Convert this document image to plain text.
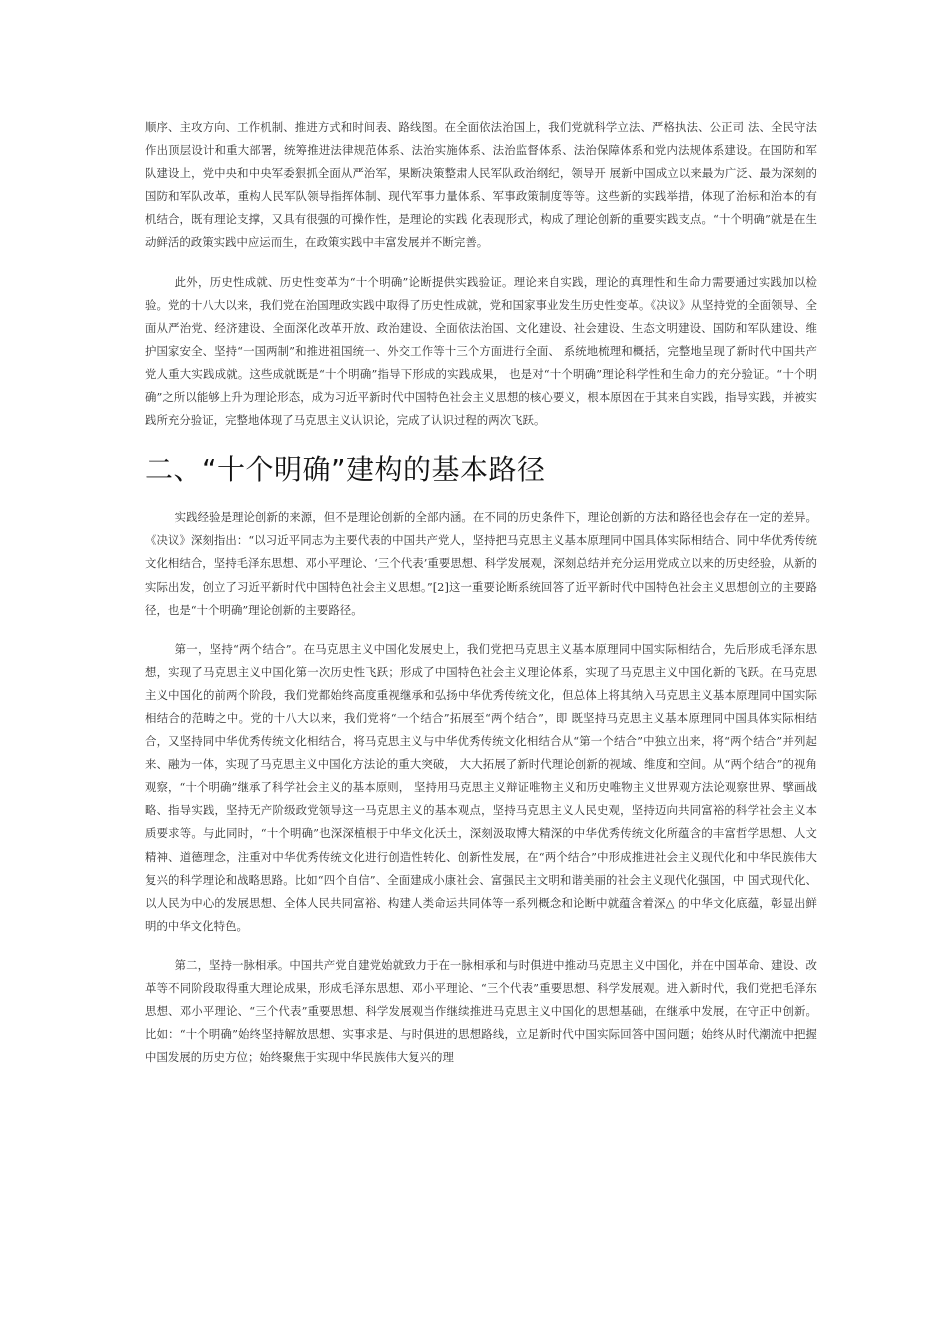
顺序、主攻方向、工作机制、推进方式和时间表、路线图。在全面依法治国上，我们党就科学立法、严格执法、公正司 法、全民守法作出顶层设计和重大部署，统筹推进法律规范体系、法治实施体系、法治监督体系、法治保障体系和党内法规体系建设。在国防和军队建设上，党中央和中央军委狠抓全面从严治军，果断决策整肃人民军队政治纲纪，领导开 展新中国成立以来最为广泛、最为深刻的国防和军队改革，重构人民军队领导指挥体制、现代军事力量体系、军事政策制度等等。这些新的实践举措，体现了治标和治本的有机结合，既有理论支撑，又具有很强的可操作性，是理论的实践 化表现形式，构成了理论创新的重要实践支点。“十个明确”就是在生动鲜活的政策实践中应运而生，在政策实践中丰富发展并不断完善。

此外，历史性成就、历史性变革为“十个明确”论断提供实践验证。理论来自实践，理论的真理性和生命力需要通过实践加以检验。党的十八大以来，我们党在治国理政实践中取得了历史性成就，党和国家事业发生历史性变革。《决议》从坚持党的全面领导、全面从严治党、经济建设、全面深化改革开放、政治建设、全面依法治国、文化建设、社会建设、生态文明建设、国防和军队建设、维护国家安全、坚持“一国两制”和推进祖国统一、外交工作等十三个方面进行全面、 系统地梳理和概括，完整地呈现了新时代中国共产党人重大实践成就。这些成就既是“十个明确”指导下形成的实践成果， 也是对“十个明确”理论科学性和生命力的充分验证。“十个明确”之所以能够上升为理论形态，成为习近平新时代中国特色社会主义思想的核心要义，根本原因在于其来自实践，指导实践，并被实践所充分验证，完整地体现了马克思主义认识论，完成了认识过程的两次飞跃。

二、“十个明确”建构的基本路径

实践经验是理论创新的来源，但不是理论创新的全部内涵。在不同的历史条件下，理论创新的方法和路径也会存在一定的差异。《决议》深刻指出：“以习近平同志为主要代表的中国共产党人，坚持把马克思主义基本原理同中国具体实际相结合、同中华优秀传统文化相结合，坚持毛泽东思想、邓小平理论、‘三个代表’重要思想、科学发展观，深刻总结并充分运用党成立以来的历史经验，从新的实际出发，创立了习近平新时代中国特色社会主义思想。”[2]这一重要论断系统回答了近平新时代中国特色社会主义思想创立的主要路径，也是“十个明确”理论创新的主要路径。

第一，坚持“两个结合”。在马克思主义中国化发展史上，我们党把马克思主义基本原理同中国实际相结合，先后形成毛泽东思想，实现了马克思主义中国化第一次历史性飞跃；形成了中国特色社会主义理论体系，实现了马克思主义中国化新的飞跃。在马克思主义中国化的前两个阶段，我们党都始终高度重视继承和弘扬中华优秀传统文化，但总体上将其纳入马克思主义基本原理同中国实际相结合的范畴之中。党的十八大以来，我们党将“一个结合”拓展至“两个结合”，即 既坚持马克思主义基本原理同中国具体实际相结合，又坚持同中华优秀传统文化相结合，将马克思主义与中华优秀传统文化相结合从“第一个结合”中独立出来，将“两个结合”并列起来、融为一体，实现了马克思主义中国化方法论的重大突破， 大大拓展了新时代理论创新的视域、维度和空间。从“两个结合”的视角观察，“十个明确”继承了科学社会主义的基本原则， 坚持用马克思主义辩证唯物主义和历史唯物主义世界观方法论观察世界、擘画战略、指导实践，坚持无产阶级政党领导这一马克思主义的基本观点，坚持马克思主义人民史观，坚持迈向共同富裕的科学社会主义本质要求等。与此同时，“十个明确”也深深植根于中华文化沃土，深刻汲取博大精深的中华优秀传统文化所蕴含的丰富哲学思想、人文精神、道德理念，注重对中华优秀传统文化进行创造性转化、创新性发展，在“两个结合”中形成推进社会主义现代化和中华民族伟大 复兴的科学理论和战略思路。比如“四个自信”、全面建成小康社会、富强民主文明和谐美丽的社会主义现代化强国，中 国式现代化、以人民为中心的发展思想、全体人民共同富裕、构建人类命运共同体等一系列概念和论断中就蕴含着深△ 的中华文化底蕴，彰显出鲜明的中华文化特色。

第二，坚持一脉相承。中国共产党自建党始就致力于在一脉相承和与时俱进中推动马克思主义中国化，并在中国革命、建设、改革等不同阶段取得重大理论成果，形成毛泽东思想、邓小平理论、“三个代表”重要思想、科学发展观。进入新时代，我们党把毛泽东思想、邓小平理论、“三个代表”重要思想、科学发展观当作继续推进马克思主义中国化的思想基础，在继承中发展，在守正中创新。比如：“十个明确”始终坚持解放思想、实事求是、与时俱进的思想路线，立足新时代中国实际回答中国问题；始终从时代潮流中把握中国发展的历史方位；始终聚焦于实现中华民族伟大复兴的理
